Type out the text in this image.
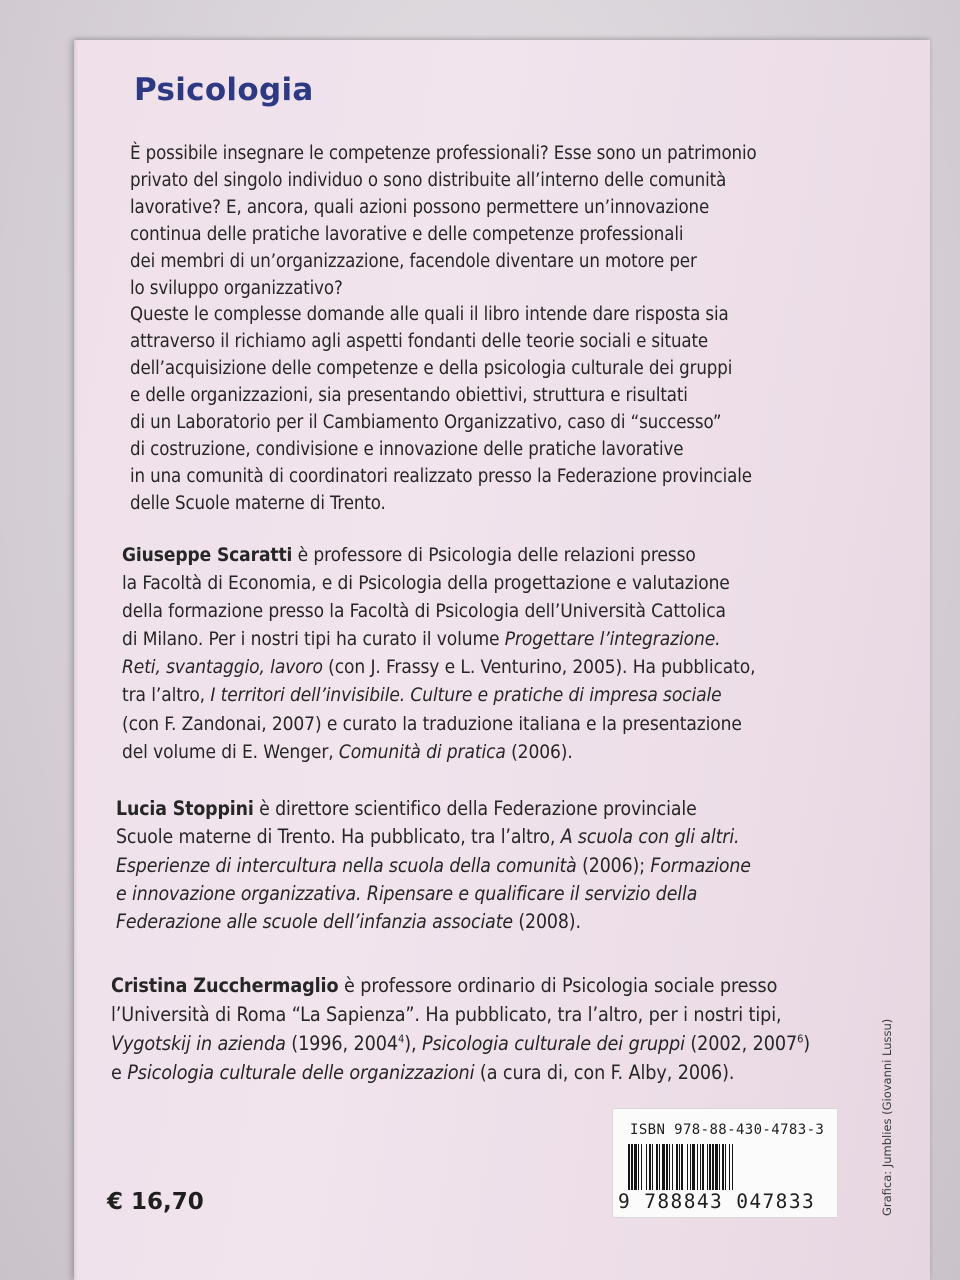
Psicologia
È possibile insegnare le competenze professionali? Esse sono un patrimonio
privato del singolo individuo o sono distribuite all’interno delle comunità
lavorative? E, ancora, quali azioni possono permettere un’innovazione
continua delle pratiche lavorative e delle competenze professionali
dei membri di un’organizzazione, facendole diventare un motore per
lo sviluppo organizzativo?
Queste le complesse domande alle quali il libro intende dare risposta sia
attraverso il richiamo agli aspetti fondanti delle teorie sociali e situate
dell’acquisizione delle competenze e della psicologia culturale dei gruppi
e delle organizzazioni, sia presentando obiettivi, struttura e risultati
di un Laboratorio per il Cambiamento Organizzativo, caso di “successo”
di costruzione, condivisione e innovazione delle pratiche lavorative
in una comunità di coordinatori realizzato presso la Federazione provinciale
delle Scuole materne di Trento.
Giuseppe Scaratti è professore di Psicologia delle relazioni presso
la Facoltà di Economia, e di Psicologia della progettazione e valutazione
della formazione presso la Facoltà di Psicologia dell’Università Cattolica
di Milano. Per i nostri tipi ha curato il volume Progettare l’integrazione.
Reti, svantaggio, lavoro (con J. Frassy e L. Venturino, 2005). Ha pubblicato,
tra l’altro, I territori dell’invisibile. Culture e pratiche di impresa sociale
(con F. Zandonai, 2007) e curato la traduzione italiana e la presentazione
del volume di E. Wenger, Comunità di pratica (2006).
Lucia Stoppini è direttore scientifico della Federazione provinciale
Scuole materne di Trento. Ha pubblicato, tra l’altro, A scuola con gli altri.
Esperienze di intercultura nella scuola della comunità (2006); Formazione
e innovazione organizzativa. Ripensare e qualificare il servizio della
Federazione alle scuole dell’infanzia associate (2008).
Cristina Zucchermaglio è professore ordinario di Psicologia sociale presso
l’Università di Roma “La Sapienza”. Ha pubblicato, tra l’altro, per i nostri tipi,
Vygotskij in azienda (1996, 2004$^4$), Psicologia culturale dei gruppi (2002, 2007$^6$)
e Psicologia culturale delle organizzazioni (a cura di, con F. Alby, 2006).
ISBN 978-88-430-4783-3
9 788843 047833
€ 16,70	Grafica: Jumblies (Giovanni Lussu)
